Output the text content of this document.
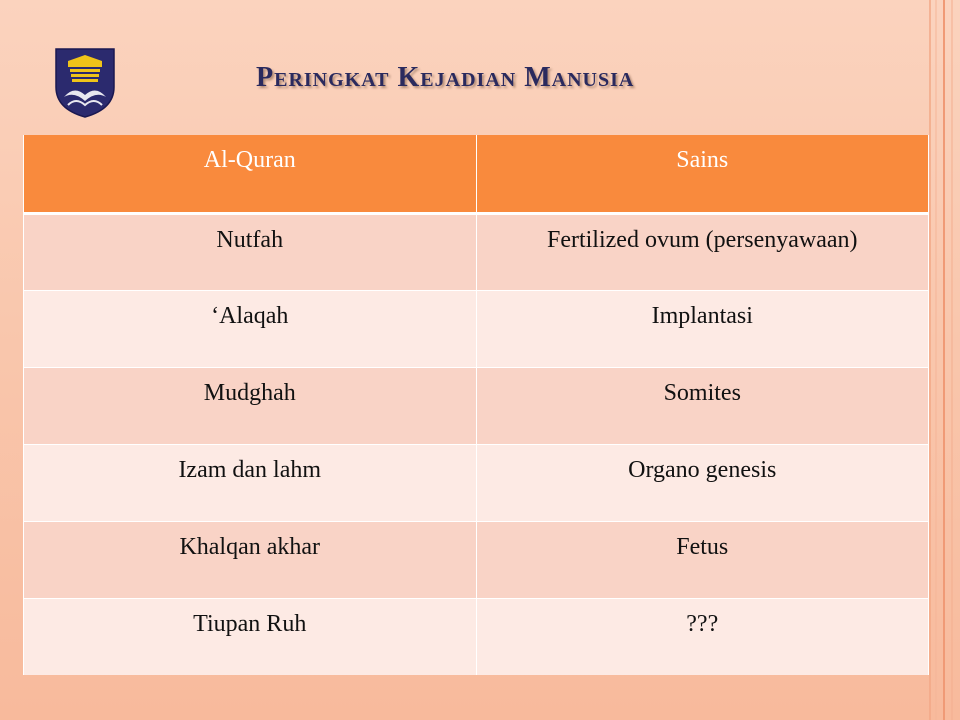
Peringkat Kejadian Manusia
Al-Quran	Sains
Nutfah	Fertilized ovum (persenyawaan)
‘Alaqah	Implantasi
Mudghah	Somites
Izam dan lahm	Organo genesis
Khalqan akhar	Fetus
Tiupan Ruh	???
